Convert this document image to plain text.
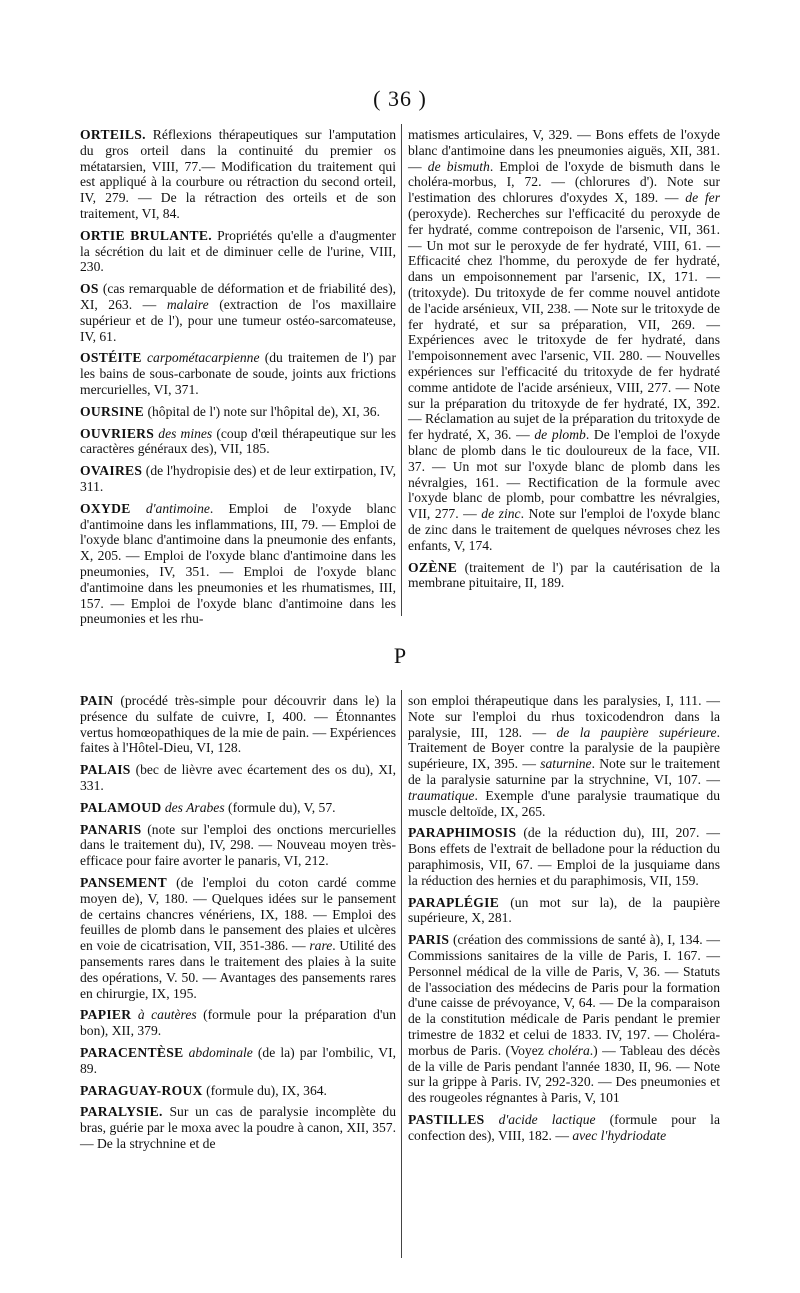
( 36 )

ORTEILS. Réflexions thérapeutiques sur l'amputation du gros orteil dans la continuité du premier os métatarsien, VIII, 77.— Modification du traitement qui est appliqué à la courbure ou rétraction du second orteil, IV, 279. — De la rétraction des orteils et de son traitement, VI, 84.

ORTIE BRULANTE. Propriétés qu'elle a d'augmenter la sécrétion du lait et de diminuer celle de l'urine, VIII, 230.

OS (cas remarquable de déformation et de friabilité des), XI, 263. — malaire (extraction de l'os maxillaire supérieur et de l'), pour une tumeur ostéo-sarcomateuse, IV, 61.

OSTÉITE carpométacarpienne (du traitemen de l') par les bains de sous-carbonate de soude, joints aux frictions mercurielles, VI, 371.

OURSINE (hôpital de l') note sur l'hôpital de), XI, 36.

OUVRIERS des mines (coup d'œil thérapeutique sur les caractères généraux des), VII, 185.

OVAIRES (de l'hydropisie des) et de leur extirpation, IV, 311.

OXYDE d'antimoine. Emploi de l'oxyde blanc d'antimoine dans les inflammations, III, 79. — Emploi de l'oxyde blanc d'antimoine dans la pneumonie des enfants, X, 205. — Emploi de l'oxyde blanc d'antimoine dans les pneumonies, IV, 351. — Emploi de l'oxyde blanc d'antimoine dans les pneumonies et les rhumatismes, III, 157. — Emploi de l'oxyde blanc d'antimoine dans les pneumonies et les rhu-

matismes articulaires, V, 329. — Bons effets de l'oxyde blanc d'antimoine dans les pneumonies aiguës, XII, 381. — de bismuth. Emploi de l'oxyde de bismuth dans le choléra-morbus, I, 72. — (chlorures d'). Note sur l'estimation des chlorures d'oxydes X, 189. — de fer (peroxyde). Recherches sur l'efficacité du peroxyde de fer hydraté, comme contrepoison de l'arsenic, VII, 361. — Un mot sur le peroxyde de fer hydraté, VIII, 61. — Efficacité chez l'homme, du peroxyde de fer hydraté, dans un empoisonnement par l'arsenic, IX, 171. — (tritoxyde). Du tritoxyde de fer comme nouvel antidote de l'acide arsénieux, VII, 238. — Note sur le tritoxyde de fer hydraté, et sur sa préparation, VII, 269. — Expériences avec le tritoxyde de fer hydraté, dans l'empoisonnement avec l'arsenic, VII. 280. — Nouvelles expériences sur l'efficacité du tritoxyde de fer hydraté comme antidote de l'acide arsénieux, VIII, 277. — Note sur la préparation du tritoxyde de fer hydraté, IX, 392. — Réclamation au sujet de la préparation du tritoxyde de fer hydraté, X, 36. — de plomb. De l'emploi de l'oxyde blanc de plomb dans le tic douloureux de la face, VII. 37. — Un mot sur l'oxyde blanc de plomb dans les névralgies, 161. — Rectification de la formule avec l'oxyde blanc de plomb, pour combattre les névralgies, VII, 277. — de zinc. Note sur l'emploi de l'oxyde blanc de zinc dans le traitement de quelques névroses chez les enfants, V, 174.

OZÈNE (traitement de l') par la cautérisation de la membrane pituitaire, II, 189.

P

PAIN (procédé très-simple pour découvrir dans le) la présence du sulfate de cuivre, I, 400. — Étonnantes vertus homœopathiques de la mie de pain. — Expériences faites à l'Hôtel-Dieu, VI, 128.

PALAIS (bec de lièvre avec écartement des os du), XI, 331.

PALAMOUD des Arabes (formule du), V, 57.

PANARIS (note sur l'emploi des onctions mercurielles dans le traitement du), IV, 298. — Nouveau moyen très-efficace pour faire avorter le panaris, VI, 212.

PANSEMENT (de l'emploi du coton cardé comme moyen de), V, 180. — Quelques idées sur le pansement de certains chancres vénériens, IX, 188. — Emploi des feuilles de plomb dans le pansement des plaies et ulcères en voie de cicatrisation, VII, 351-386. — rare. Utilité des pansements rares dans le traitement des plaies à la suite des opérations, V. 50. — Avantages des pansements rares en chirurgie, IX, 195.

PAPIER à cautères (formule pour la préparation d'un bon), XII, 379.

PARACENTÈSE abdominale (de la) par l'ombilic, VI, 89.

PARAGUAY-ROUX (formule du), IX, 364.

PARALYSIE. Sur un cas de paralysie incomplète du bras, guérie par le moxa avec la poudre à canon, XII, 357. — De la strychnine et de

son emploi thérapeutique dans les paralysies, I, 111. — Note sur l'emploi du rhus toxicodendron dans la paralysie, III, 128. — de la paupière supérieure. Traitement de Boyer contre la paralysie de la paupière supérieure, IX, 395. — saturnine. Note sur le traitement de la paralysie saturnine par la strychnine, VI, 107. — traumatique. Exemple d'une paralysie traumatique du muscle deltoïde, IX, 265.

PARAPHIMOSIS (de la réduction du), III, 207. — Bons effets de l'extrait de belladone pour la réduction du paraphimosis, VII, 67. — Emploi de la jusquiame dans la réduction des hernies et du paraphimosis, VII, 159.

PARAPLÉGIE (un mot sur la), de la paupière supérieure, X, 281.

PARIS (création des commissions de santé à), I, 134. — Commissions sanitaires de la ville de Paris, I. 167. — Personnel médical de la ville de Paris, V, 36. — Statuts de l'association des médecins de Paris pour la formation d'une caisse de prévoyance, V, 64. — De la comparaison de la constitution médicale de Paris pendant le premier trimestre de 1832 et celui de 1833. IV, 197. — Choléra-morbus de Paris. (Voyez choléra.) — Tableau des décès de la ville de Paris pendant l'année 1830, II, 96. — Note sur la grippe à Paris. IV, 292-320. — Des pneumonies et des rougeoles régnantes à Paris, V, 101

PASTILLES d'acide lactique (formule pour la confection des), VIII, 182. — avec l'hydriodate
